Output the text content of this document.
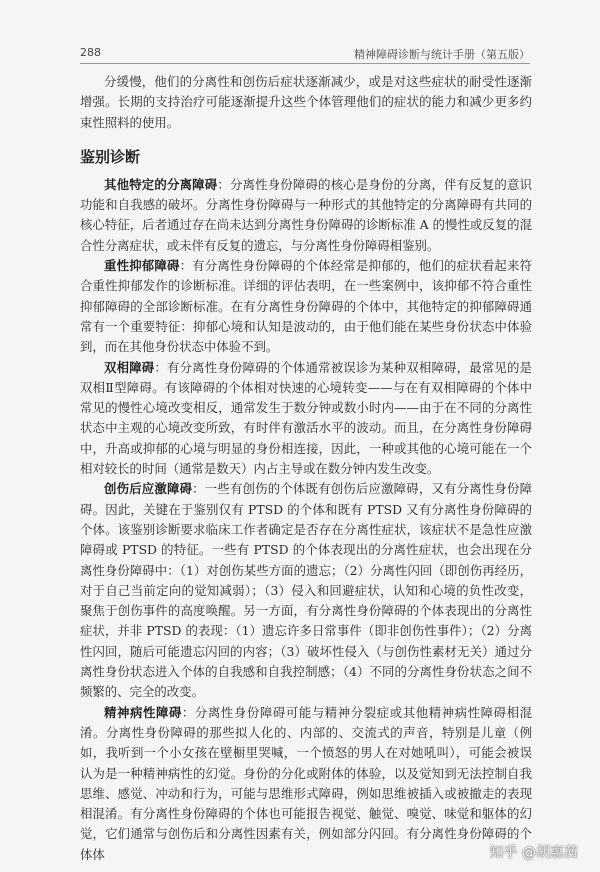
288	精神障碍诊断与统计手册（第五版）

分缓慢，他们的分离性和创伤后症状逐渐减少，或是对这些症状的耐受性逐渐增强。长期的支持治疗可能逐渐提升这些个体管理他们的症状的能力和减少更多约束性照料的使用。

鉴别诊断

其他特定的分离障碍：分离性身份障碍的核心是身份的分离，伴有反复的意识功能和自我感的破坏。分离性身份障碍与一种形式的其他特定的分离障碍有共同的核心特征，后者通过存在尚未达到分离性身份障碍的诊断标准 A 的慢性或反复的混合性分离症状，或未伴有反复的遗忘，与分离性身份障碍相鉴别。

重性抑郁障碍：有分离性身份障碍的个体经常是抑郁的，他们的症状看起来符合重性抑郁发作的诊断标准。详细的评估表明，在一些案例中，该抑郁不符合重性抑郁障碍的全部诊断标准。在有分离性身份障碍的个体中，其他特定的抑郁障碍通常有一个重要特征：抑郁心境和认知是波动的，由于他们能在某些身份状态中体验到，而在其他身份状态中体验不到。

双相障碍：有分离性身份障碍的个体通常被误诊为某种双相障碍，最常见的是双相Ⅱ型障碍。有该障碍的个体相对快速的心境转变——与在有双相障碍的个体中常见的慢性心境改变相反，通常发生于数分钟或数小时内——由于在不同的分离性状态中主观的心境改变所致，有时伴有激活水平的波动。而且，在分离性身份障碍中，升高或抑郁的心境与明显的身份相连接，因此，一种或其他的心境可能在一个相对较长的时间（通常是数天）内占主导或在数分钟内发生改变。

创伤后应激障碍：一些有创伤的个体既有创伤后应激障碍，又有分离性身份障碍。因此，关键在于鉴别仅有 PTSD 的个体和既有 PTSD 又有分离性身份障碍的个体。该鉴别诊断要求临床工作者确定是否存在分离性症状，该症状不是急性应激障碍或 PTSD 的特征。一些有 PTSD 的个体表现出的分离性症状，也会出现在分离性身份障碍中：（1）对创伤某些方面的遗忘；（2）分离性闪回（即创伤再经历，对于自己当前定向的觉知减弱）；（3）侵入和回避症状，认知和心境的负性改变，聚焦于创伤事件的高度唤醒。另一方面，有分离性身份障碍的个体表现出的分离性症状，并非 PTSD 的表现：（1）遗忘许多日常事件（即非创伤性事件）；（2）分离性闪回，随后可能遗忘闪回的内容；（3）破坏性侵入（与创伤性素材无关）通过分离性身份状态进入个体的自我感和自我控制感；（4）不同的分离性身份状态之间不频繁的、完全的改变。

精神病性障碍：分离性身份障碍可能与精神分裂症或其他精神病性障碍相混淆。分离性身份障碍的那些拟人化的、内部的、交流式的声音，特别是儿童（例如，我听到一个小女孩在壁橱里哭喊，一个愤怒的男人在对她吼叫），可能会被误认为是一种精神病性的幻觉。身份的分化或附体的体验，以及觉知到无法控制自我思维、感觉、冲动和行为，可能与思维形式障碍，例如思维被插入或被撤走的表现相混淆。有分离性身份障碍的个体也可能报告视觉、触觉、嗅觉、味觉和躯体的幻觉，它们通常与创伤后和分离性因素有关，例如部分闪回。有分离性身份障碍的个体体	知乎 @胡惠茜
